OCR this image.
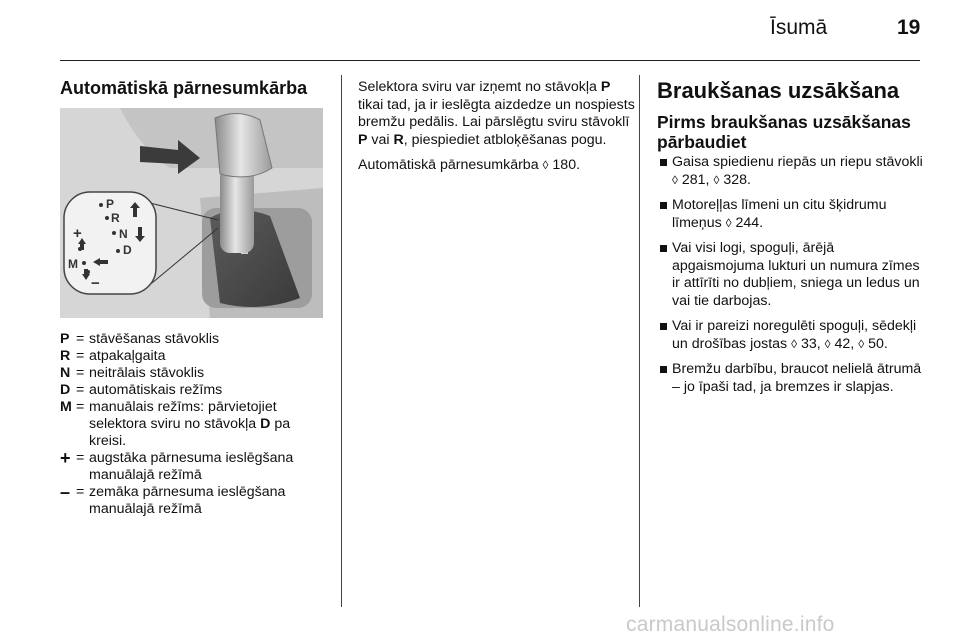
Īsumā	19
Automātiskā pārnesumkārba
P
R
N
D
M
+
−
P = stāvēšanas stāvoklis
R = atpakaļgaita
N = neitrālais stāvoklis
D = automātiskais režīms
M = manuālais režīms: pārvietojiet selektora sviru no stāvokļa D pa kreisi.
+ = augstāka pārnesuma ieslēgšana manuālajā režīmā
– = zemāka pārnesuma ieslēgšana manuālajā režīmā

Selektora sviru var izņemt no stāvokļa P tikai tad, ja ir ieslēgta aizdedze un nospiests bremžu pedālis. Lai pārslēgtu sviru stāvoklī P vai R, piespiediet atbloķēšanas pogu.

Automātiskā pārnesumkārba ◊ 180.

Braukšanas uzsākšana
Pirms braukšanas uzsākšanas pārbaudiet
Gaisa spiedienu riepās un riepu stāvokli ◊ 281, ◊ 328.
Motoreļļas līmeni un citu šķidrumu līmeņus ◊ 244.
Vai visi logi, spoguļi, ārējā apgaismojuma lukturi un numura zīmes ir attīrīti no dubļiem, sniega un ledus un vai tie darbojas.
Vai ir pareizi noregulēti spoguļi, sēdekļi un drošības jostas ◊ 33, ◊ 42, ◊ 50.
Bremžu darbību, braucot nelielā ātrumā – jo īpaši tad, ja bremzes ir slapjas.
carmanualsonline.info
